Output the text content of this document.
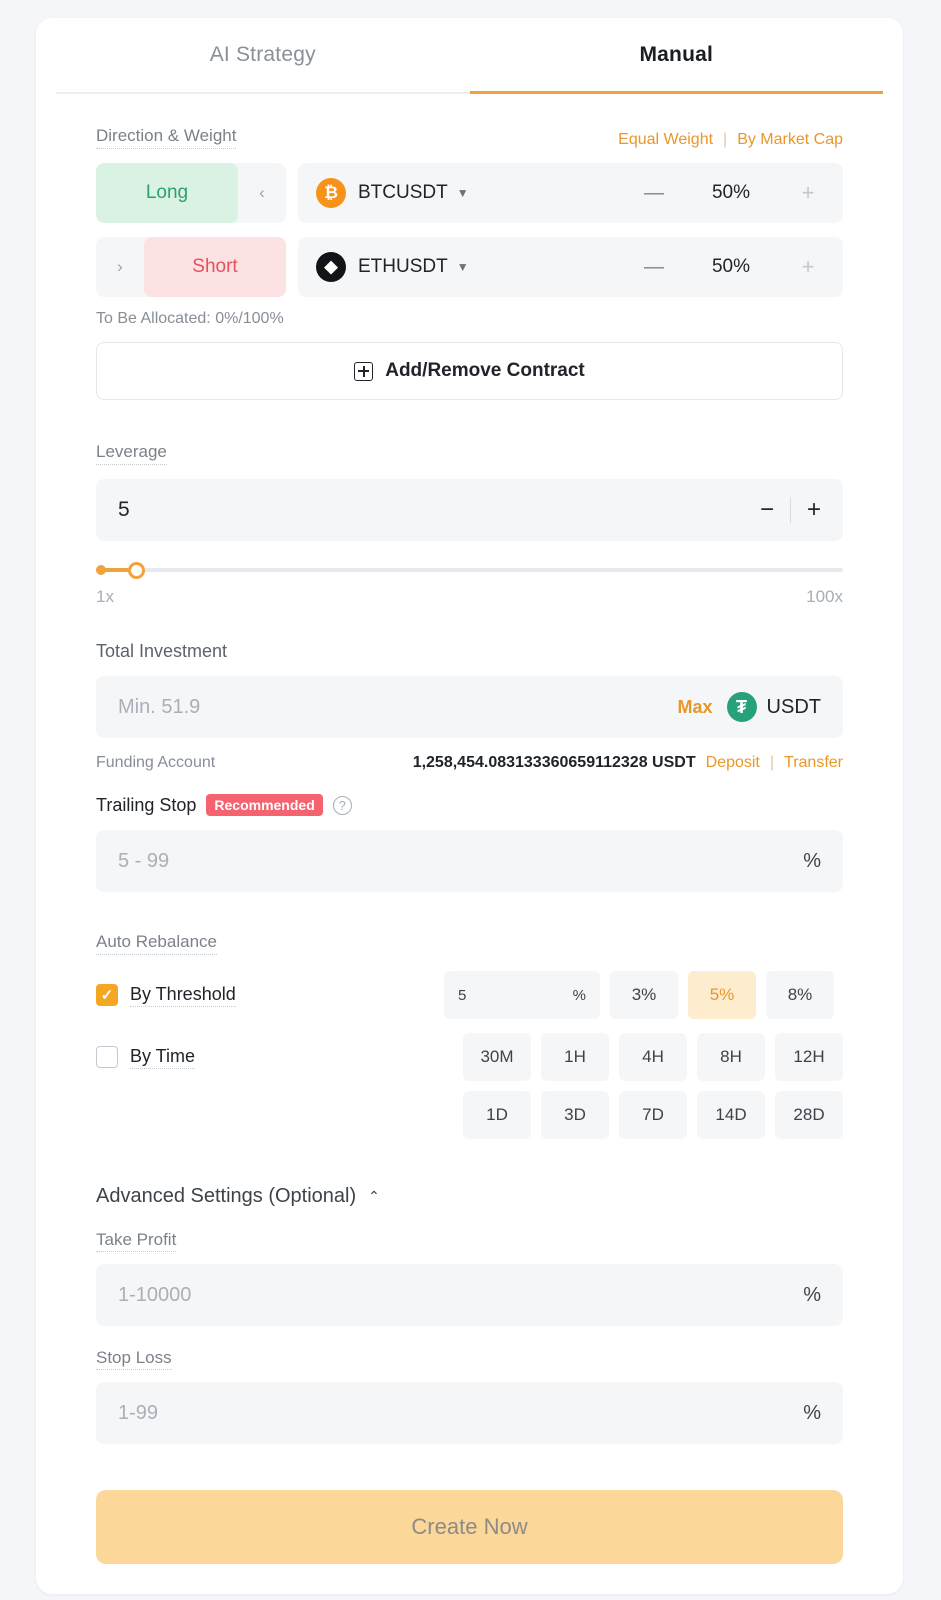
AI Strategy	Manual
Direction & Weight	Equal Weight | By Market Cap
Long	‹	₿	BTCUSDT ▼	—	50%	+
›	Short	◆	ETHUSDT ▼	—	50%	+
To Be Allocated: 0%/100%
Add/Remove Contract
Leverage
5	− +
1x	100x
Total Investment
Min. 51.9	Max	₮ USDT
Funding Account	1,258,454.083133360659112328 USDT Deposit | Transfer
Trailing Stop	Recommended	?
5 - 99	%
Auto Rebalance
✓
By Threshold	5	%	3%	5%	8%
By Time	30M	1H	4H	8H	12H
1D	3D	7D	14D	28D
Advanced Settings (Optional) ⌃
Take Profit
1-10000	%
Stop Loss
1-99	%
Create Now
